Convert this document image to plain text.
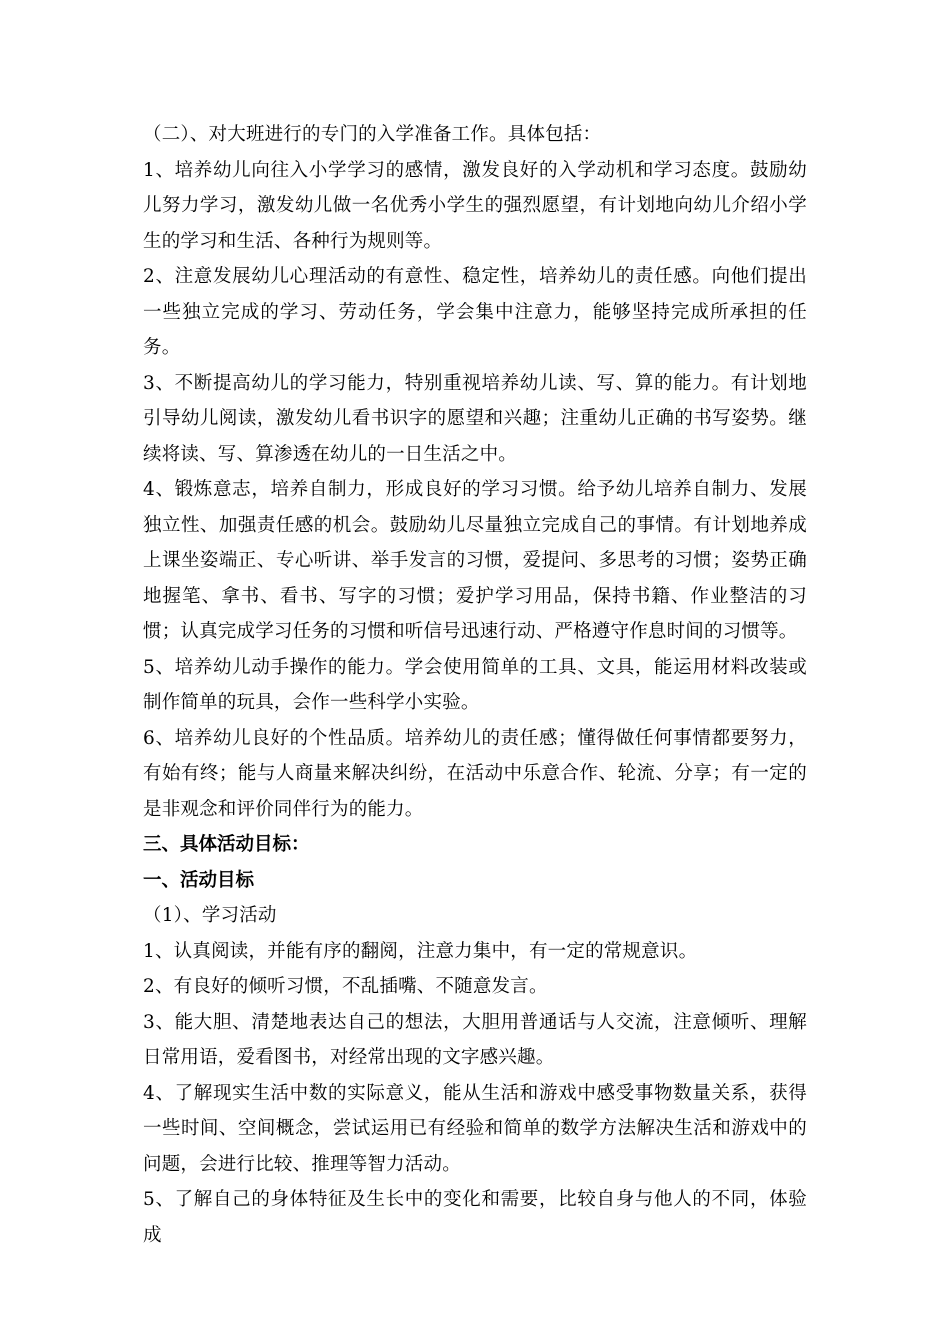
（二）、对大班进行的专门的入学准备工作。具体包括：

1、培养幼儿向往入小学学习的感情，激发良好的入学动机和学习态度。鼓励幼儿努力学习，激发幼儿做一名优秀小学生的强烈愿望，有计划地向幼儿介绍小学生的学习和生活、各种行为规则等。

2、注意发展幼儿心理活动的有意性、稳定性，培养幼儿的责任感。向他们提出一些独立完成的学习、劳动任务，学会集中注意力，能够坚持完成所承担的任务。

3、不断提高幼儿的学习能力，特别重视培养幼儿读、写、算的能力。有计划地引导幼儿阅读，激发幼儿看书识字的愿望和兴趣；注重幼儿正确的书写姿势。继续将读、写、算渗透在幼儿的一日生活之中。

4、锻炼意志，培养自制力，形成良好的学习习惯。给予幼儿培养自制力、发展独立性、加强责任感的机会。鼓励幼儿尽量独立完成自己的事情。有计划地养成上课坐姿端正、专心听讲、举手发言的习惯，爱提问、多思考的习惯；姿势正确地握笔、拿书、看书、写字的习惯；爱护学习用品，保持书籍、作业整洁的习惯；认真完成学习任务的习惯和听信号迅速行动、严格遵守作息时间的习惯等。

5、培养幼儿动手操作的能力。学会使用简单的工具、文具，能运用材料改装或制作简单的玩具，会作一些科学小实验。

6、培养幼儿良好的个性品质。培养幼儿的责任感；懂得做任何事情都要努力，有始有终；能与人商量来解决纠纷，在活动中乐意合作、轮流、分享；有一定的是非观念和评价同伴行为的能力。

三、具体活动目标：

一、活动目标

（1）、学习活动

1、认真阅读，并能有序的翻阅，注意力集中，有一定的常规意识。

2、有良好的倾听习惯，不乱插嘴、不随意发言。

3、能大胆、清楚地表达自己的想法，大胆用普通话与人交流，注意倾听、理解日常用语，爱看图书，对经常出现的文字感兴趣。

4、了解现实生活中数的实际意义，能从生活和游戏中感受事物数量关系，获得一些时间、空间概念，尝试运用已有经验和简单的数学方法解决生活和游戏中的问题，会进行比较、推理等智力活动。

5、了解自己的身体特征及生长中的变化和需要，比较自身与他人的不同，体验成
